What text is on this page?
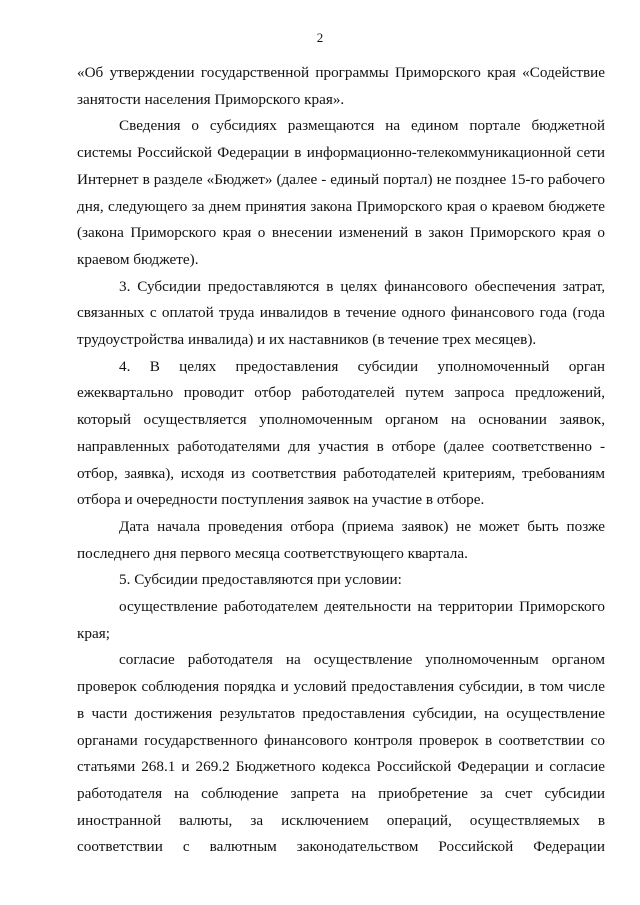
2

«Об утверждении государственной программы Приморского края «Содействие занятости населения Приморского края».

Сведения о субсидиях размещаются на едином портале бюджетной системы Российской Федерации в информационно-телекоммуникационной сети Интернет в разделе «Бюджет» (далее - единый портал) не позднее 15-го рабочего дня, следующего за днем принятия закона Приморского края о краевом бюджете (закона Приморского края о внесении изменений в закон Приморского края о краевом бюджете).

3. Субсидии предоставляются в целях финансового обеспечения затрат, связанных с оплатой труда инвалидов в течение одного финансового года (года трудоустройства инвалида) и их наставников (в течение трех месяцев).

4. В целях предоставления субсидии уполномоченный орган ежеквартально проводит отбор работодателей путем запроса предложений, который осуществляется уполномоченным органом на основании заявок, направленных работодателями для участия в отборе (далее соответственно - отбор, заявка), исходя из соответствия работодателей критериям, требованиям отбора и очередности поступления заявок на участие в отборе.

Дата начала проведения отбора (приема заявок) не может быть позже последнего дня первого месяца соответствующего квартала.

5. Субсидии предоставляются при условии:

осуществление работодателем деятельности на территории Приморского края;

согласие работодателя на осуществление уполномоченным органом проверок соблюдения порядка и условий предоставления субсидии, в том числе в части достижения результатов предоставления субсидии, на осуществление органами государственного финансового контроля проверок в соответствии со статьями 268.1 и 269.2 Бюджетного кодекса Российской Федерации и согласие работодателя на соблюдение запрета на приобретение за счет субсидии иностранной валюты, за исключением операций, осуществляемых в соответствии с валютным законодательством Российской Федерации
